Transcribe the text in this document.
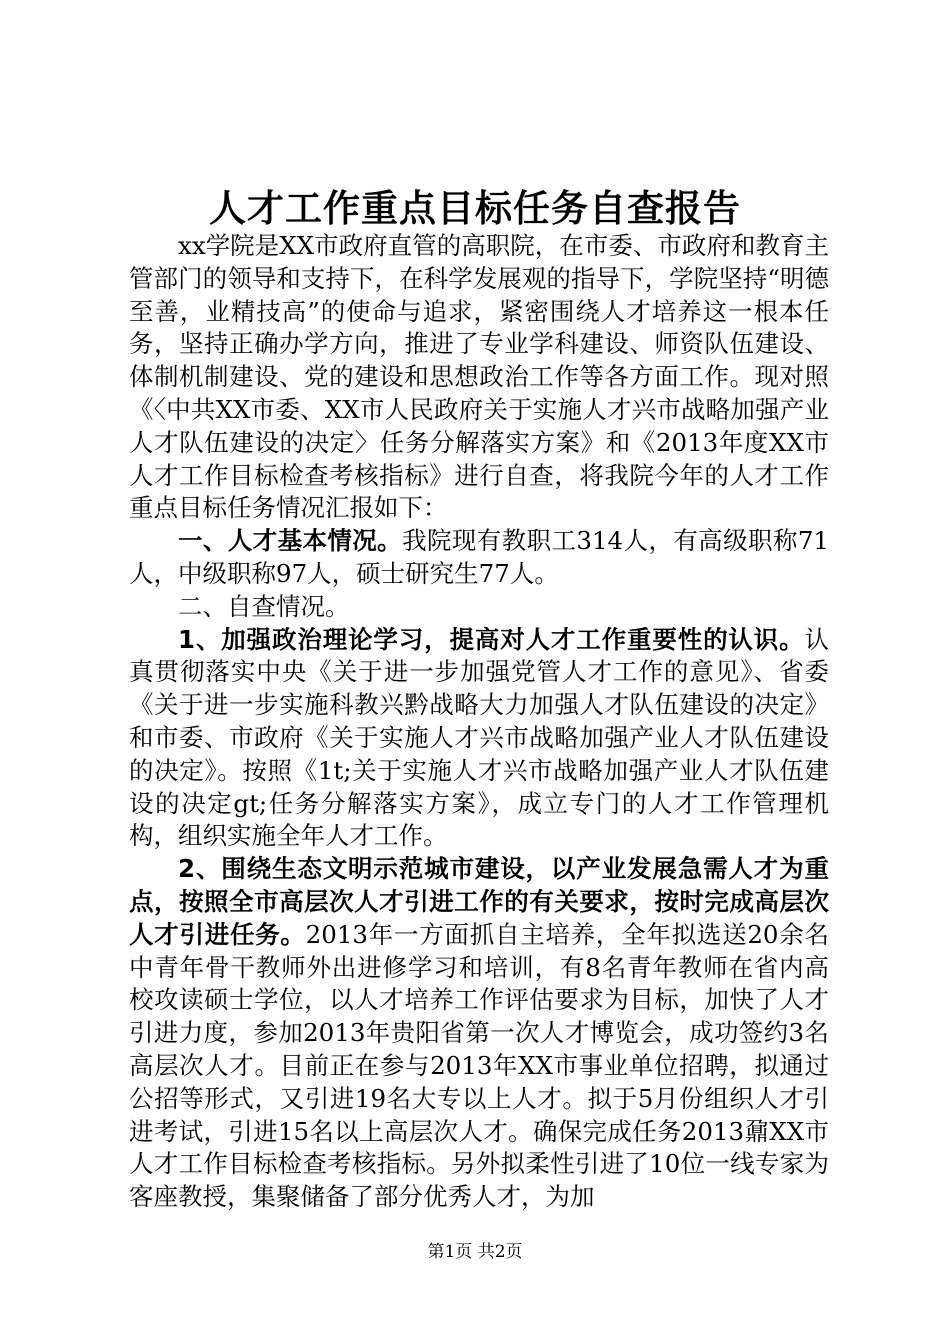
人才工作重点目标任务自查报告

xx学院是XX市政府直管的高职院，在市委、市政府和教育主管部门的领导和支持下，在科学发展观的指导下，学院坚持“明德至善，业精技高”的使命与追求，紧密围绕人才培养这一根本任务，坚持正确办学方向，推进了专业学科建设、师资队伍建设、体制机制建设、党的建设和思想政治工作等各方面工作。现对照《〈中共XX市委、XX市人民政府关于实施人才兴市战略加强产业人才队伍建设的决定〉任务分解落实方案》和《2013年度XX市人才工作目标检查考核指标》进行自查，将我院今年的人才工作重点目标任务情况汇报如下：

一、人才基本情况。我院现有教职工314人，有高级职称71人，中级职称97人，硕士研究生77人。

二、自查情况。

1、加强政治理论学习，提高对人才工作重要性的认识。认真贯彻落实中央《关于进一步加强党管人才工作的意见》、省委《关于进一步实施科教兴黔战略大力加强人才队伍建设的决定》和市委、市政府《关于实施人才兴市战略加强产业人才队伍建设的决定》。按照《1t;关于实施人才兴市战略加强产业人才队伍建设的决定gt;任务分解落实方案》，成立专门的人才工作管理机构，组织实施全年人才工作。

2、围绕生态文明示范城市建设，以产业发展急需人才为重点，按照全市高层次人才引进工作的有关要求，按时完成高层次人才引进任务。2013年一方面抓自主培养，全年拟选送20余名中青年骨干教师外出进修学习和培训，有8名青年教师在省内高校攻读硕士学位，以人才培养工作评估要求为目标，加快了人才引进力度，参加2013年贵阳省第一次人才博览会，成功签约3名高层次人才。目前正在参与2013年XX市事业单位招聘，拟通过公招等形式，又引进19名大专以上人才。拟于5月份组织人才引进考试，引进15名以上高层次人才。确保完成任务2013鼐XX市人才工作目标检查考核指标。另外拟柔性引进了10位一线专家为客座教授，集聚储备了部分优秀人才，为加

第1页 共2页
